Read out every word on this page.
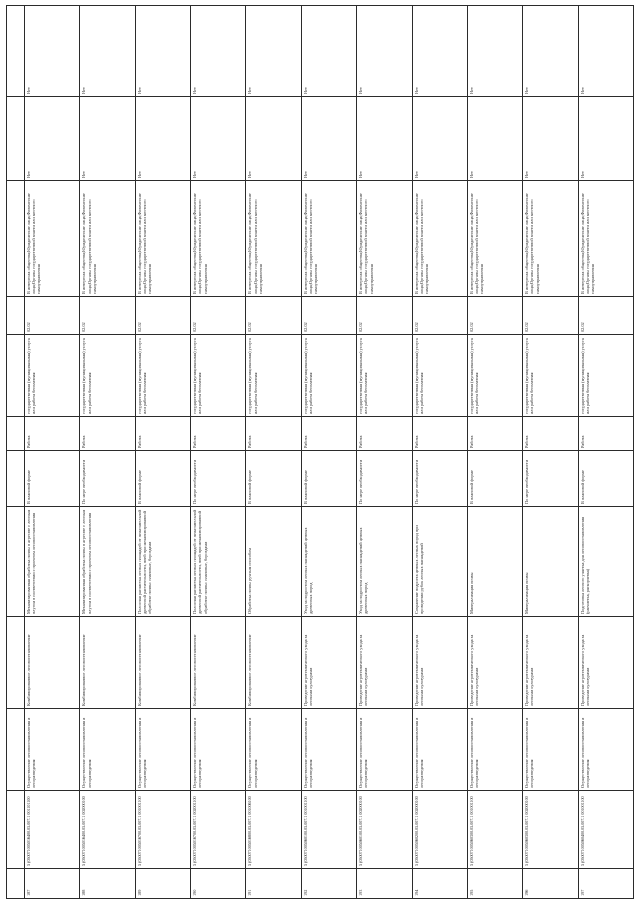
187	5 (050071005016400.05.007.1 001101100	Осуществление лесовосстановления и лесоразведения	Комбинированное лесовосстановление	Механизированная обработка почвы в агрегате с лесным плугом в соответствии с проектом лесовосстановления	В плановой форме	Работа	государственная (муниципальная) услуга или работа бесплатная	02.02	В интересах общества;Юридические лица;Физические лица;Органы государственной власти или местного самоуправления	Нет	Нет
188	5 (050071005016400.05.007.1 002000100	Осуществление лесовосстановления и лесоразведения	Комбинированное лесовосстановление	Механизированная обработка почвы в агрегате с лесным плугом в соответствии с проектом лесовосстановления	По мере необходимости	Работа	государственная (муниципальная) услуга или работа бесплатная	02.02	В интересах общества;Юридические лица;Физические лица;Органы государственной власти или местного самоуправления	Нет	Нет
189	5 (050071005016700.05.007.1 001001100	Осуществление лесовосстановления и лесоразведения	Комбинированное лесовосстановление	Полосная расчистка лесных площадей от нежелательной древесной растительности, пней при механизированной обработке почвы: плановые, бороздами	В плановой форме	Работа	государственная (муниципальная) услуга или работа бесплатная	02.02	В интересах общества;Юридические лица;Физические лица;Органы государственной власти или местного самоуправления	Нет	Нет
190	5 (050071005016700.05.007.1 002001100	Осуществление лесовосстановления и лесоразведения	Комбинированное лесовосстановление	Полосная расчистка лесных площадей от нежелательной древесной растительности, пней при механизированной обработке почвы: плановые, бороздами	По мере необходимости	Работа	государственная (муниципальная) услуга или работа бесплатная	02.02	В интересах общества;Юридические лица;Физические лица;Органы государственной власти или местного самоуправления	Нет	Нет
191	5 (050071005016800.05.007.1 001006100	Осуществление лесовосстановления и лесоразведения	Комбинированное лесовосстановление	Обработка почвы ручным способом	В плановой форме	Работа	государственная (муниципальная) услуга или работа бесплатная	02.02	В интересах общества;Юридические лица;Физические лица;Органы государственной власти или местного самоуправления	Нет	Нет
192	5 (050071005060100.05.007.1 001001100	Осуществление лесовосстановления и лесоразведения	Проведение агротехнического ухода за лесными культурами	Уход за подростом лесных насаждений ценных древесных пород	В плановой форме	Работа	государственная (муниципальная) услуга или работа бесплатная	02.02	В интересах общества;Юридические лица;Физические лица;Органы государственной власти или местного самоуправления	Нет	Нет
193	5 (050071005060100.05.007.1 002000100	Осуществление лесовосстановления и лесоразведения	Проведение агротехнического ухода за лесными культурами	Уход за подростом лесных насаждений ценных древесных пород	По мере необходимости	Работа	государственная (муниципальная) услуга или работа бесплатная	02.02	В интересах общества;Юридические лица;Физические лица;Органы государственной власти или местного самоуправления	Нет	Нет
194	5 (050071005060200.05.007.1 002000100	Осуществление лесовосстановления и лесоразведения	Проведение агротехнического ухода за лесными культурами	Сохранение подроста ценных лесных пород при проведении рубок лесных насаждений	По мере необходимости	Работа	государственная (муниципальная) услуга или работа бесплатная	02.02	В интересах общества;Юридические лица;Физические лица;Органы государственной власти или местного самоуправления	Нет	Нет
195	5 (050071005060300.05.007.1 001001100	Осуществление лесовосстановления и лесоразведения	Проведение агротехнического ухода за лесными культурами	Минерализация почвы	В плановой форме	Работа	государственная (муниципальная) услуга или работа бесплатная	02.02	В интересах общества;Юридические лица;Физические лица;Органы государственной власти или местного самоуправления	Нет	Нет
196	5 (050071005060300.05.007.1 002000100	Осуществление лесовосстановления и лесоразведения	Проведение агротехнического ухода за лесными культурами	Минерализация почвы	По мере необходимости	Работа	государственная (муниципальная) услуга или работа бесплатная	02.02	В интересах общества;Юридические лица;Физические лица;Органы государственной власти или местного самоуправления	Нет	Нет
197	5 (050071005060400.05.007.1 001001100	Осуществление лесовосстановления и лесоразведения	Проведение агротехнического ухода за лесными культурами	Подготовка лесного участка для лесовосстановления (расчистка, раскорчевка)	В плановой форме	Работа	государственная (муниципальная) услуга или работа бесплатная	02.02	В интересах общества;Юридические лица;Физические лица;Органы государственной власти или местного самоуправления	Нет	Нет
